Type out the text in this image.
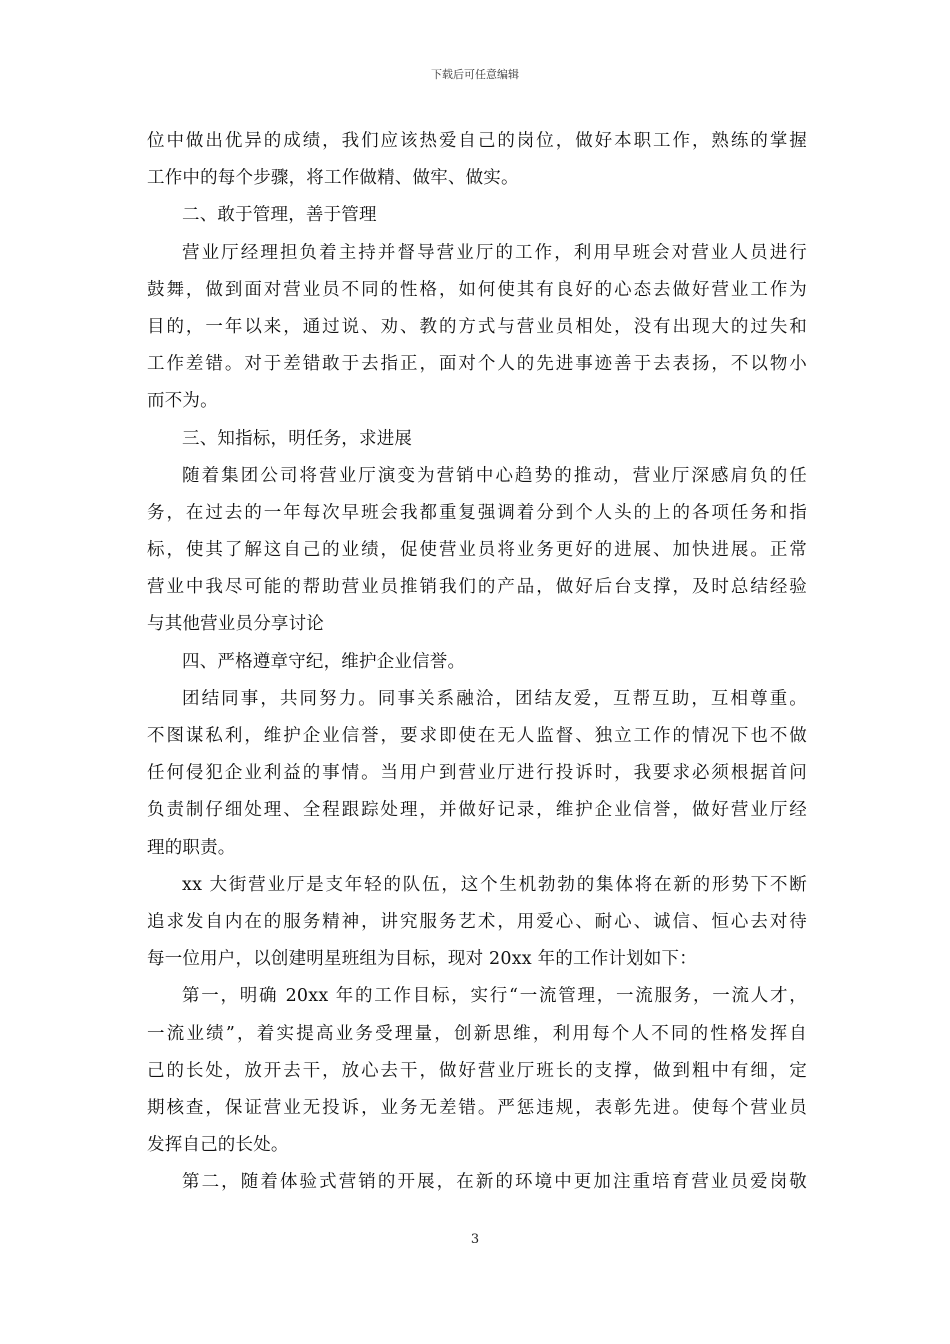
下载后可任意编辑
位中做出优异的成绩，我们应该热爱自己的岗位，做好本职工作，熟练的掌握
工作中的每个步骤，将工作做精、做牢、做实。
二、敢于管理，善于管理
营业厅经理担负着主持并督导营业厅的工作，利用早班会对营业人员进行
鼓舞，做到面对营业员不同的性格，如何使其有良好的心态去做好营业工作为
目的，一年以来，通过说、劝、教的方式与营业员相处，没有出现大的过失和
工作差错。对于差错敢于去指正，面对个人的先进事迹善于去表扬，不以物小
而不为。
三、知指标，明任务，求进展
随着集团公司将营业厅演变为营销中心趋势的推动，营业厅深感肩负的任
务，在过去的一年每次早班会我都重复强调着分到个人头的上的各项任务和指
标，使其了解这自己的业绩，促使营业员将业务更好的进展、加快进展。正常
营业中我尽可能的帮助营业员推销我们的产品，做好后台支撑，及时总结经验
与其他营业员分享讨论
四、严格遵章守纪，维护企业信誉。
团结同事，共同努力。同事关系融洽，团结友爱，互帮互助，互相尊重。
不图谋私利，维护企业信誉，要求即使在无人监督、独立工作的情况下也不做
任何侵犯企业利益的事情。当用户到营业厅进行投诉时，我要求必须根据首问
负责制仔细处理、全程跟踪处理，并做好记录，维护企业信誉，做好营业厅经
理的职责。
xx 大街营业厅是支年轻的队伍，这个生机勃勃的集体将在新的形势下不断
追求发自内在的服务精神，讲究服务艺术，用爱心、耐心、诚信、恒心去对待
每一位用户，以创建明星班组为目标，现对 20xx 年的工作计划如下：
第一，明确 20xx 年的工作目标，实行“一流管理，一流服务，一流人才，
一流业绩”，着实提高业务受理量，创新思维，利用每个人不同的性格发挥自
己的长处，放开去干，放心去干，做好营业厅班长的支撑，做到粗中有细，定
期核查，保证营业无投诉，业务无差错。严惩违规，表彰先进。使每个营业员
发挥自己的长处。
第二，随着体验式营销的开展，在新的环境中更加注重培育营业员爱岗敬
3
